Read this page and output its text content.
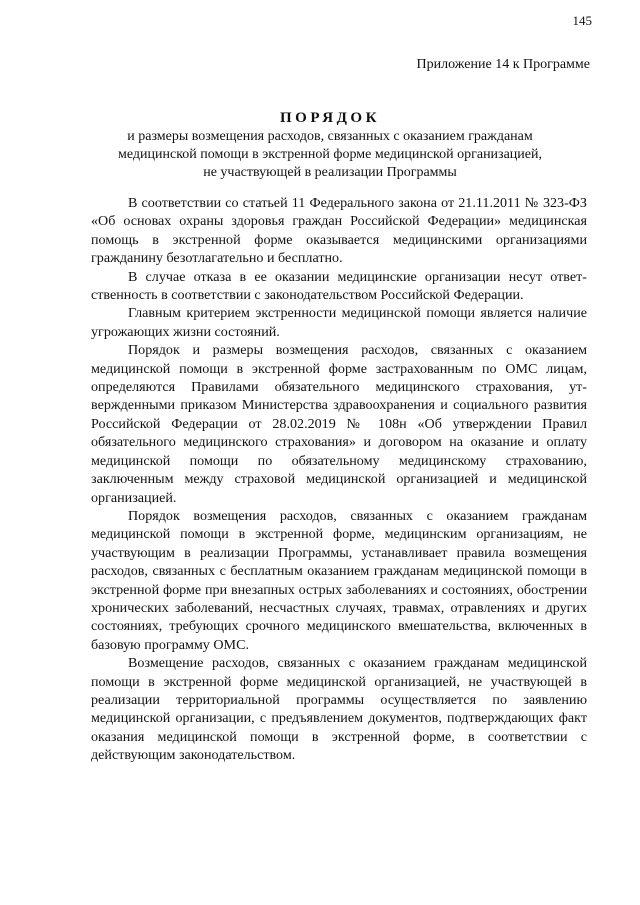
145
Приложение 14 к Программе

ПОРЯДОК

и размеры возмещения расходов, связанных с оказанием гражданам

медицинской помощи в экстренной форме медицинской организацией,

не участвующей в реализации Программы

В соответствии со статьей 11 Федерального закона от 21.11.2011 № 323-ФЗ «Об основах охраны здоровья граждан Российской Федерации» медицинская помощь в экстренной форме оказывается медицинскими организациями гражданину безотлагательно и бесплатно.

В случае отказа в ее оказании медицинские организации несут ответственность в соответствии с законодательством Российской Федерации.

Главным критерием экстренности медицинской помощи является наличие угрожающих жизни состояний.

Порядок и размеры возмещения расходов, связанных с оказанием медицинской помощи в экстренной форме застрахованным по ОМС лицам, определяются Правилами обязательного медицинского страхования, утвержденными приказом Министерства здравоохранения и социального развития Российской Федерации от 28.02.2019 № 108н «Об утверждении Правил обязательного медицинского страхования» и договором на оказание и оплату медицинской помощи по обязательному медицинскому страхованию, заключенным между страховой медицинской организацией и медицинской организацией.

Порядок возмещения расходов, связанных с оказанием гражданам медицинской помощи в экстренной форме, медицинским организациям, не участвующим в реализации Программы, устанавливает правила возмещения расходов, связанных с бесплатным оказанием гражданам медицинской помощи в экстренной форме при внезапных острых заболеваниях и состояниях, обострении хронических заболеваний, несчастных случаях, травмах, отравлениях и других состояниях, требующих срочного медицинского вмешательства, включенных в базовую программу ОМС.

Возмещение расходов, связанных с оказанием гражданам медицинской помощи в экстренной форме медицинской организацией, не участвующей в реализации территориальной программы осуществляется по заявлению медицинской организации, с предъявлением документов, подтверждающих факт оказания медицинской помощи в экстренной форме, в соответствии с действующим законодательством.
